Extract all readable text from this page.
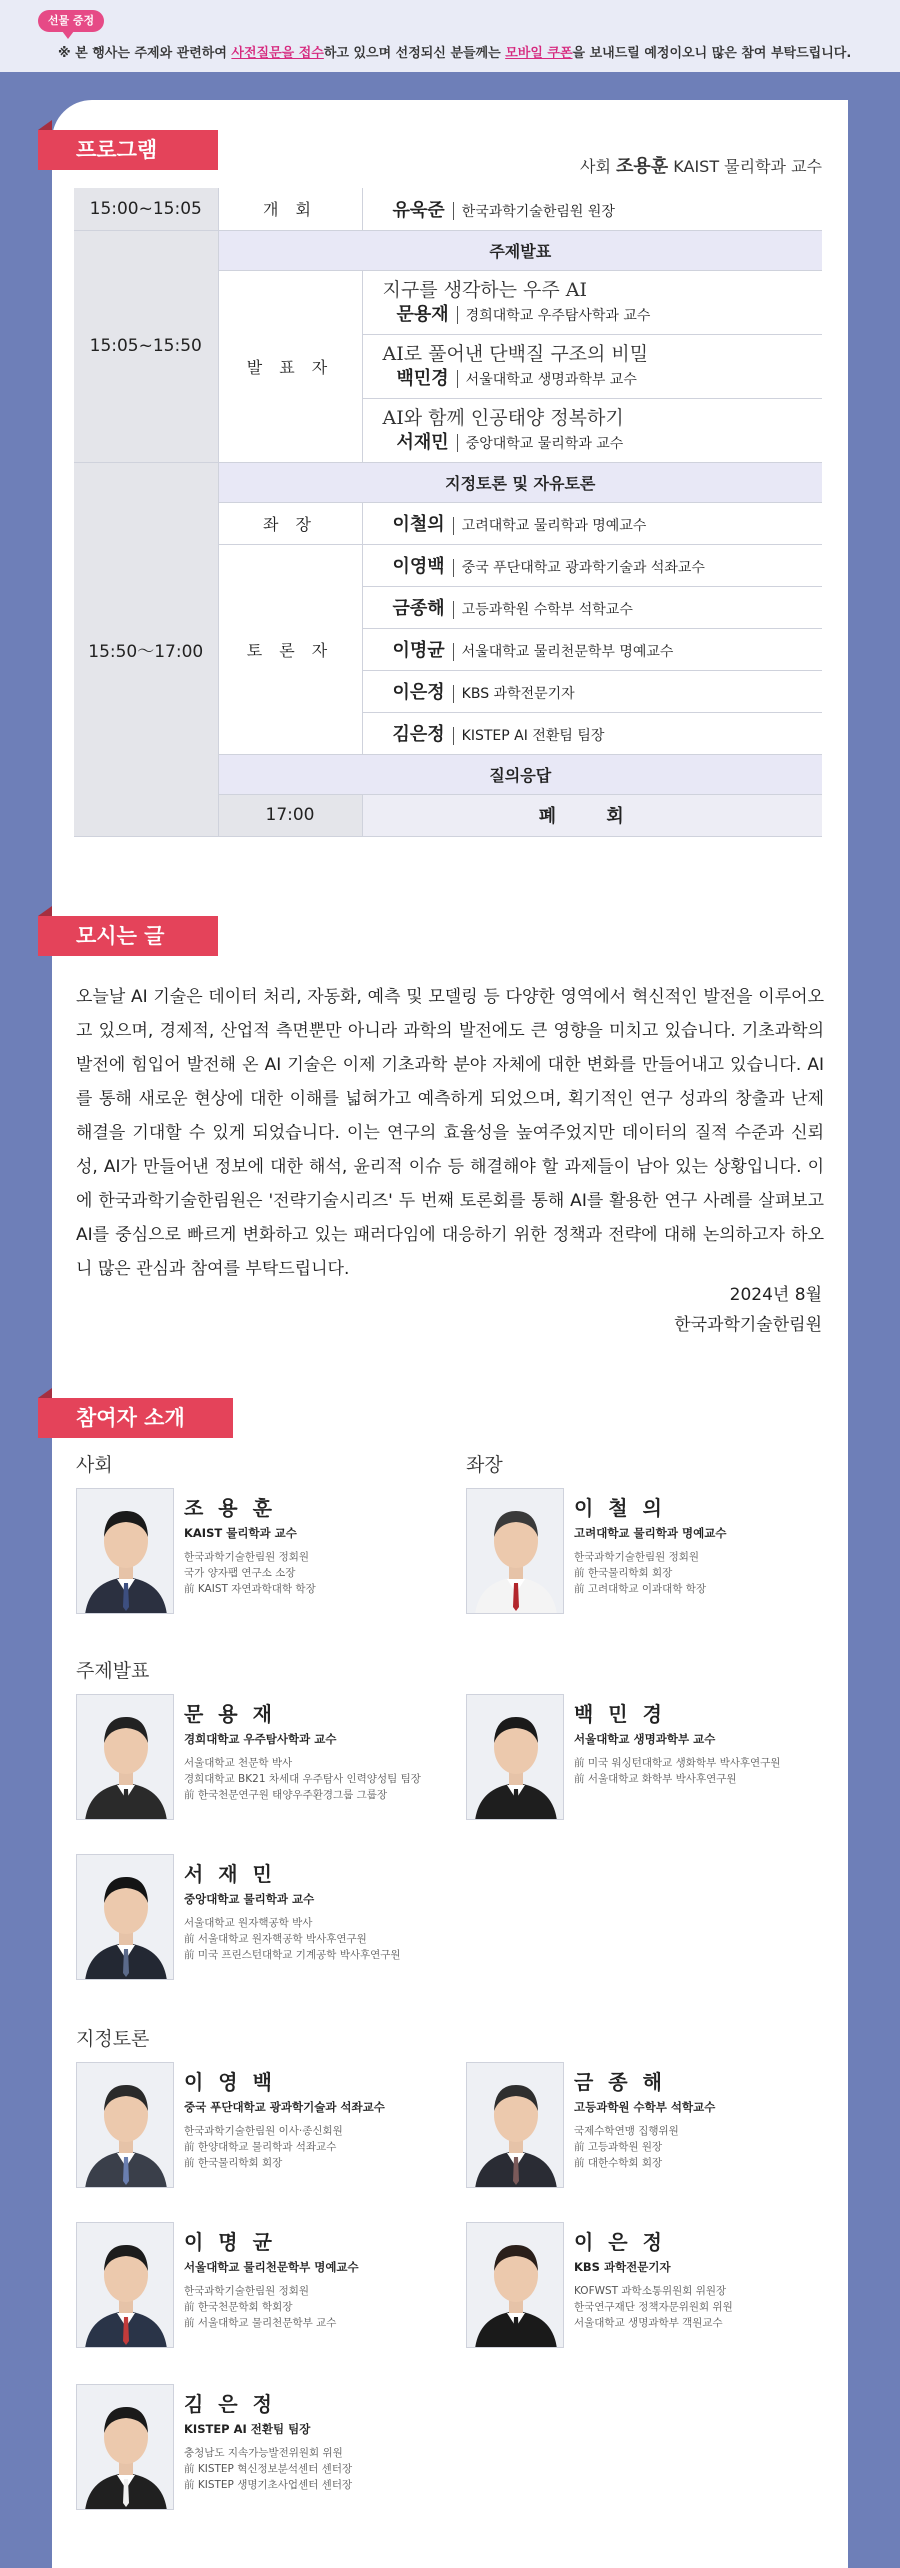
선물 증정
※ 본 행사는 주제와 관련하여 사전질문을 접수하고 있으며 선정되신 분들께는 모바일 쿠폰을 보내드릴 예정이오니 많은 참여 부탁드립니다.
프로그램
사회 조용훈 KAIST 물리학과 교수
15:00~15:05	개 회	유욱준 한국과학기술한림원 원장
15:05~15:50	주제발표	
	발 표 자	지구를 생각하는 우주 AI
문용재 경희대학교 우주탐사학과 교수

		AI로 풀어낸 단백질 구조의 비밀
백민경 서울대학교 생명과학부 교수

		AI와 함께 인공태양 정복하기
서재민 중앙대학교 물리학과 교수

15:50～17:00	지정토론 및 자유토론	
	좌 장	이철의 고려대학교 물리학과 명예교수
	토 론 자	이영백 중국 푸단대학교 광과학기술과 석좌교수
		금종해 고등과학원 수학부 석학교수
		이명균 서울대학교 물리천문학부 명예교수
		이은정 KBS 과학전문기자
		김은정 KISTEP AI 전환팀 팀장
	질의응답	
	17:00	폐 회
모시는 글
오늘날 AI 기술은 데이터 처리, 자동화, 예측 및 모델링 등 다양한 영역에서 혁신적인 발전을 이루어오고 있으며, 경제적, 산업적 측면뿐만 아니라 과학의 발전에도 큰 영향을 미치고 있습니다. 기초과학의 발전에 힘입어 발전해 온 AI 기술은 이제 기초과학 분야 자체에 대한 변화를 만들어내고 있습니다. AI를 통해 새로운 현상에 대한 이해를 넓혀가고 예측하게 되었으며, 획기적인 연구 성과의 창출과 난제 해결을 기대할 수 있게 되었습니다. 이는 연구의 효율성을 높여주었지만 데이터의 질적 수준과 신뢰성, AI가 만들어낸 정보에 대한 해석, 윤리적 이슈 등 해결해야 할 과제들이 남아 있는 상황입니다. 이에 한국과학기술한림원은 '전략기술시리즈' 두 번째 토론회를 통해 AI를 활용한 연구 사례를 살펴보고 AI를 중심으로 빠르게 변화하고 있는 패러다임에 대응하기 위한 정책과 전략에 대해 논의하고자 하오니 많은 관심과 참여를 부탁드립니다.
2024년 8월
한국과학기술한림원
참여자 소개
사회	좌장
주제발표
지정토론
조 용 훈
KAIST 물리학과 교수
한국과학기술한림원 정회원
국가 양자팹 연구소 소장
前 KAIST 자연과학대학 학장
이 철 의
고려대학교 물리학과 명예교수
한국과학기술한림원 정회원
前 한국물리학회 회장
前 고려대학교 이과대학 학장
문 용 재
경희대학교 우주탐사학과 교수
서울대학교 천문학 박사
경희대학교 BK21 차세대 우주탐사 인력양성팀 팀장
前 한국천문연구원 태양우주환경그룹 그룹장
백 민 경
서울대학교 생명과학부 교수
前 미국 워싱턴대학교 생화학부 박사후연구원
前 서울대학교 화학부 박사후연구원
서 재 민
중앙대학교 물리학과 교수
서울대학교 원자핵공학 박사
前 서울대학교 원자핵공학 박사후연구원
前 미국 프린스턴대학교 기계공학 박사후연구원
이 영 백
중국 푸단대학교 광과학기술과 석좌교수
한국과학기술한림원 이사·종신회원
前 한양대학교 물리학과 석좌교수
前 한국물리학회 회장
금 종 해
고등과학원 수학부 석학교수
국제수학연맹 집행위원
前 고등과학원 원장
前 대한수학회 회장
이 명 균
서울대학교 물리천문학부 명예교수
한국과학기술한림원 정회원
前 한국천문학회 학회장
前 서울대학교 물리천문학부 교수
이 은 정
KBS 과학전문기자
KOFWST 과학소통위원회 위원장
한국연구재단 정책자문위원회 위원
서울대학교 생명과학부 객원교수
김 은 정
KISTEP AI 전환팀 팀장
충청남도 지속가능발전위원회 위원
前 KISTEP 혁신정보분석센터 센터장
前 KISTEP 생명기초사업센터 센터장
